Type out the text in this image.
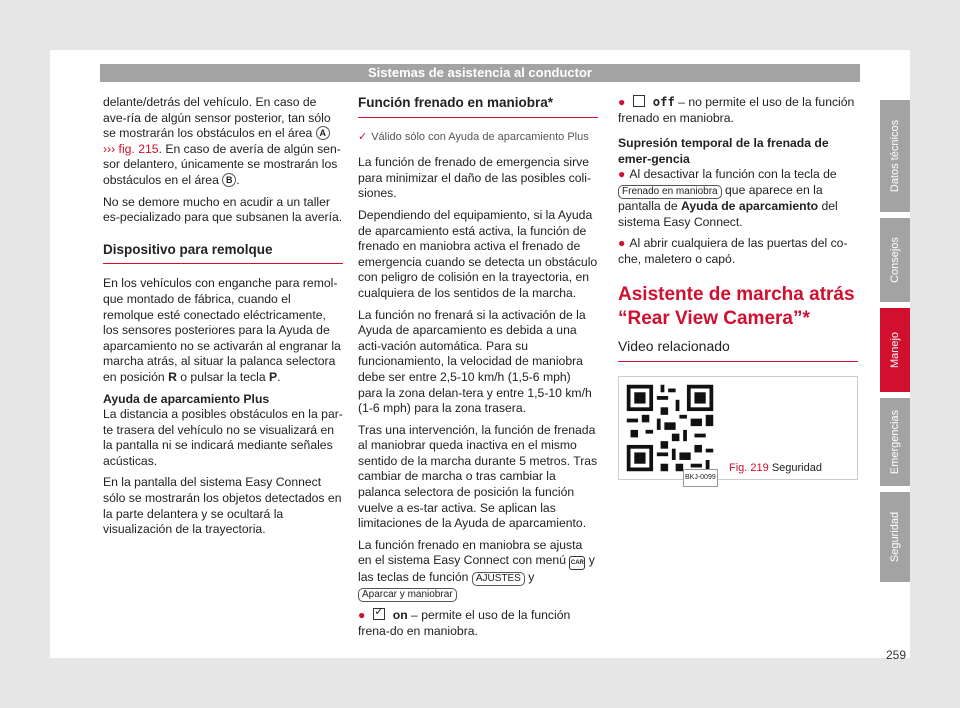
Sistemas de asistencia al conductor

delante/detrás del vehículo. En caso de ave-ría de algún sensor posterior, tan sólo se mostrarán los obstáculos en el área A ››› fig. 215. En caso de avería de algún sen-sor delantero, únicamente se mostrarán los obstáculos en el área B .

No se demore mucho en acudir a un taller es-pecializado para que subsanen la avería.

Dispositivo para remolque

En los vehículos con enganche para remol-que montado de fábrica, cuando el remolque esté conectado eléctricamente, los sensores posteriores para la Ayuda de aparcamiento no se activarán al engranar la marcha atrás, al situar la palanca selectora en posición R o pulsar la tecla P.

Ayuda de aparcamiento Plus

La distancia a posibles obstáculos en la par-te trasera del vehículo no se visualizará en la pantalla ni se indicará mediante señales acústicas.

En la pantalla del sistema Easy Connect sólo se mostrarán los objetos detectados en la parte delantera y se ocultará la visualización de la trayectoria.

Función frenado en maniobra*

✓ Válido sólo con Ayuda de aparcamiento Plus

La función de frenado de emergencia sirve para minimizar el daño de las posibles coli-siones.

Dependiendo del equipamiento, si la Ayuda de aparcamiento está activa, la función de frenado en maniobra activa el frenado de emergencia cuando se detecta un obstáculo con peligro de colisión en la trayectoria, en cualquiera de los sentidos de la marcha.

La función no frenará si la activación de la Ayuda de aparcamiento es debida a una acti-vación automática. Para su funcionamiento, la velocidad de maniobra debe ser entre 2,5-10 km/h (1,5-6 mph) para la zona delan-tera y entre 1,5-10 km/h (1-6 mph) para la zona trasera.

Tras una intervención, la función de frenada al maniobrar queda inactiva en el mismo sentido de la marcha durante 5 metros. Tras cambiar de marcha o tras cambiar la palanca selectora de posición la función vuelve a es-tar activa. Se aplican las limitaciones de la Ayuda de aparcamiento.

La función frenado en maniobra se ajusta en el sistema Easy Connect con menú CAR y las teclas de función AJUSTES y Aparcar y maniobrar

●✓ on – permite el uso de la función frena-do en maniobra.

● off – no permite el uso de la función frenado en maniobra.

Supresión temporal de la frenada de emer-gencia

● Al desactivar la función con la tecla de Frenado en maniobra que aparece en la pantalla de Ayuda de aparcamiento del sistema Easy Connect.

● Al abrir cualquiera de las puertas del co-che, maletero o capó.

Asistente de marcha atrás “Rear View Camera”*
Video relacionado
BKJ-0099
Fig. 219 Seguridad
Datos técnicos
Consejos
Manejo
Emergencias
Seguridad
259
